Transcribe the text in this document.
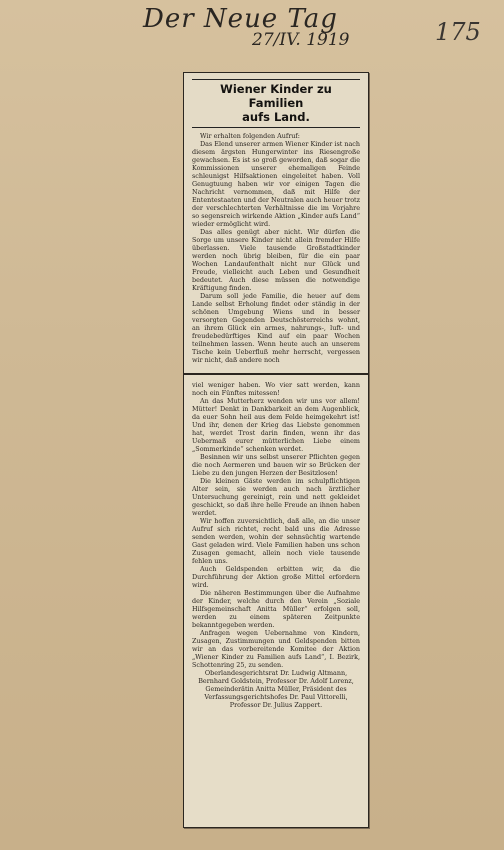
Der Neue Tag
27/IV. 1919	175
Wiener Kinder zu Familien
aufs Land.

Wir erhalten folgenden Aufruf:

Das Elend unserer armen Wiener Kinder ist nach diesem ärgsten Hungerwinter ins Riesengroße gewachsen. Es ist so groß geworden, daß sogar die Kommissionen unserer ehemaligen Feinde schleunigst Hilfsaktionen eingeleitet haben. Voll Genugtuung haben wir vor einigen Tagen die Nachricht vernommen, daß mit Hilfe der Ententestaaten und der Neutralen auch heuer trotz der verschlechterten Verhältnisse die im Vorjahre so segensreich wirkende Aktion „Kinder aufs Land“ wieder ermöglicht wird.

Das alles genügt aber nicht. Wir dürfen die Sorge um unsere Kinder nicht allein fremder Hilfe überlassen. Viele tausende Großstadtkinder werden noch übrig bleiben, für die ein paar Wochen Landaufenthalt nicht nur Glück und Freude, vielleicht auch Leben und Gesundheit bedeutet. Auch diese müssen die notwendige Kräftigung finden.

Darum soll jede Familie, die heuer auf dem Lande selbst Erholung findet oder ständig in der schönen Umgebung Wiens und in besser versorgten Gegenden Deutschösterreichs wohnt, an ihrem Glück ein armes, nahrungs-, luft- und freudebedürftiges Kind auf ein paar Wochen teilnehmen lassen. Wenn heute auch an unserem Tische kein Ueberfluß mehr herrscht, vergessen wir nicht, daß andere noch

viel weniger haben. Wo vier satt werden, kann noch ein Fünftes mitessen!

An das Mutterherz wenden wir uns vor allem! Mütter! Denkt in Dankbarkeit an dem Augenblick, da euer Sohn heil aus dem Felde heimgekehrt ist! Und ihr, denen der Krieg das Liebste genommen hat, werdet Trost darin finden, wenn ihr das Uebermaß eurer mütterlichen Liebe einem „Sommerkinde“ schenken werdet.

Besinnen wir uns selbst unserer Pflichten gegen die noch Aermeren und bauen wir so Brücken der Liebe zu den jungen Herzen der Besitzlosen!

Die kleinen Gäste werden im schulpflichtigen Alter sein, sie werden auch nach ärztlicher Untersuchung gereinigt, rein und nett gekleidet geschickt, so daß ihre helle Freude an ihnen haben werdet.

Wir hoffen zuversichtlich, daß alle, an die unser Aufruf sich richtet, recht bald uns die Adresse senden werden, wohin der sehnsüchtig wartende Gast geladen wird. Viele Familien haben uns schon Zusagen gemacht, allein noch viele tausende fehlen uns.

Auch Geldspenden erbitten wir, da die Durchführung der Aktion große Mittel erfordern wird.

Die näheren Bestimmungen über die Aufnahme der Kinder, welche durch den Verein „Soziale Hilfsgemeinschaft Anitta Müller“ erfolgen soll, werden zu einem späteren Zeitpunkte bekanntgegeben werden.

Anfragen wegen Uebernahme von Kindern, Zusagen, Zustimmungen und Geldspenden bitten wir an das vorbereitende Komitee der Aktion „Wiener Kinder zu Familien aufs Land“, I. Bezirk, Schottenring 25, zu senden.

Oberlandesgerichtsrat Dr. Ludwig Altmann, Bernhard Goldstein, Professor Dr. Adolf Lorenz, Gemeinderätin Anitta Müller, Präsident des Verfassungsgerichtshofes Dr. Paul Vittorelli, Professor Dr. Julius Zappert.
